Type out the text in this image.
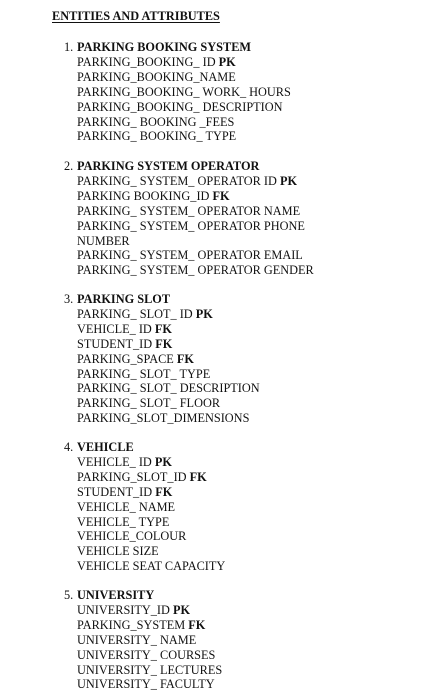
ENTITIES AND ATTRIBUTES
1. PARKING BOOKING SYSTEM
PARKING_BOOKING_ ID PK
PARKING_BOOKING_NAME
PARKING_BOOKING_ WORK_ HOURS
PARKING_BOOKING_ DESCRIPTION
PARKING_ BOOKING _FEES
PARKING_ BOOKING_ TYPE
2. PARKING SYSTEM OPERATOR
PARKING_ SYSTEM_ OPERATOR ID PK
PARKING BOOKING_ID FK
PARKING_ SYSTEM_ OPERATOR NAME
PARKING_ SYSTEM_ OPERATOR PHONE
NUMBER
PARKING_ SYSTEM_ OPERATOR EMAIL
PARKING_ SYSTEM_ OPERATOR GENDER
3. PARKING SLOT
PARKING_ SLOT_ ID PK
VEHICLE_ ID FK
STUDENT_ID FK
PARKING_SPACE FK
PARKING_ SLOT_ TYPE
PARKING_ SLOT_ DESCRIPTION
PARKING_ SLOT_ FLOOR
PARKING_SLOT_DIMENSIONS
4. VEHICLE
VEHICLE_ ID PK
PARKING_SLOT_ID FK
STUDENT_ID FK
VEHICLE_ NAME
VEHICLE_ TYPE
VEHICLE_COLOUR
VEHICLE SIZE
VEHICLE SEAT CAPACITY
5. UNIVERSITY
UNIVERSITY_ID PK
PARKING_SYSTEM FK
UNIVERSITY_ NAME
UNIVERSITY_ COURSES
UNIVERSITY_ LECTURES
UNIVERSITY_ FACULTY
